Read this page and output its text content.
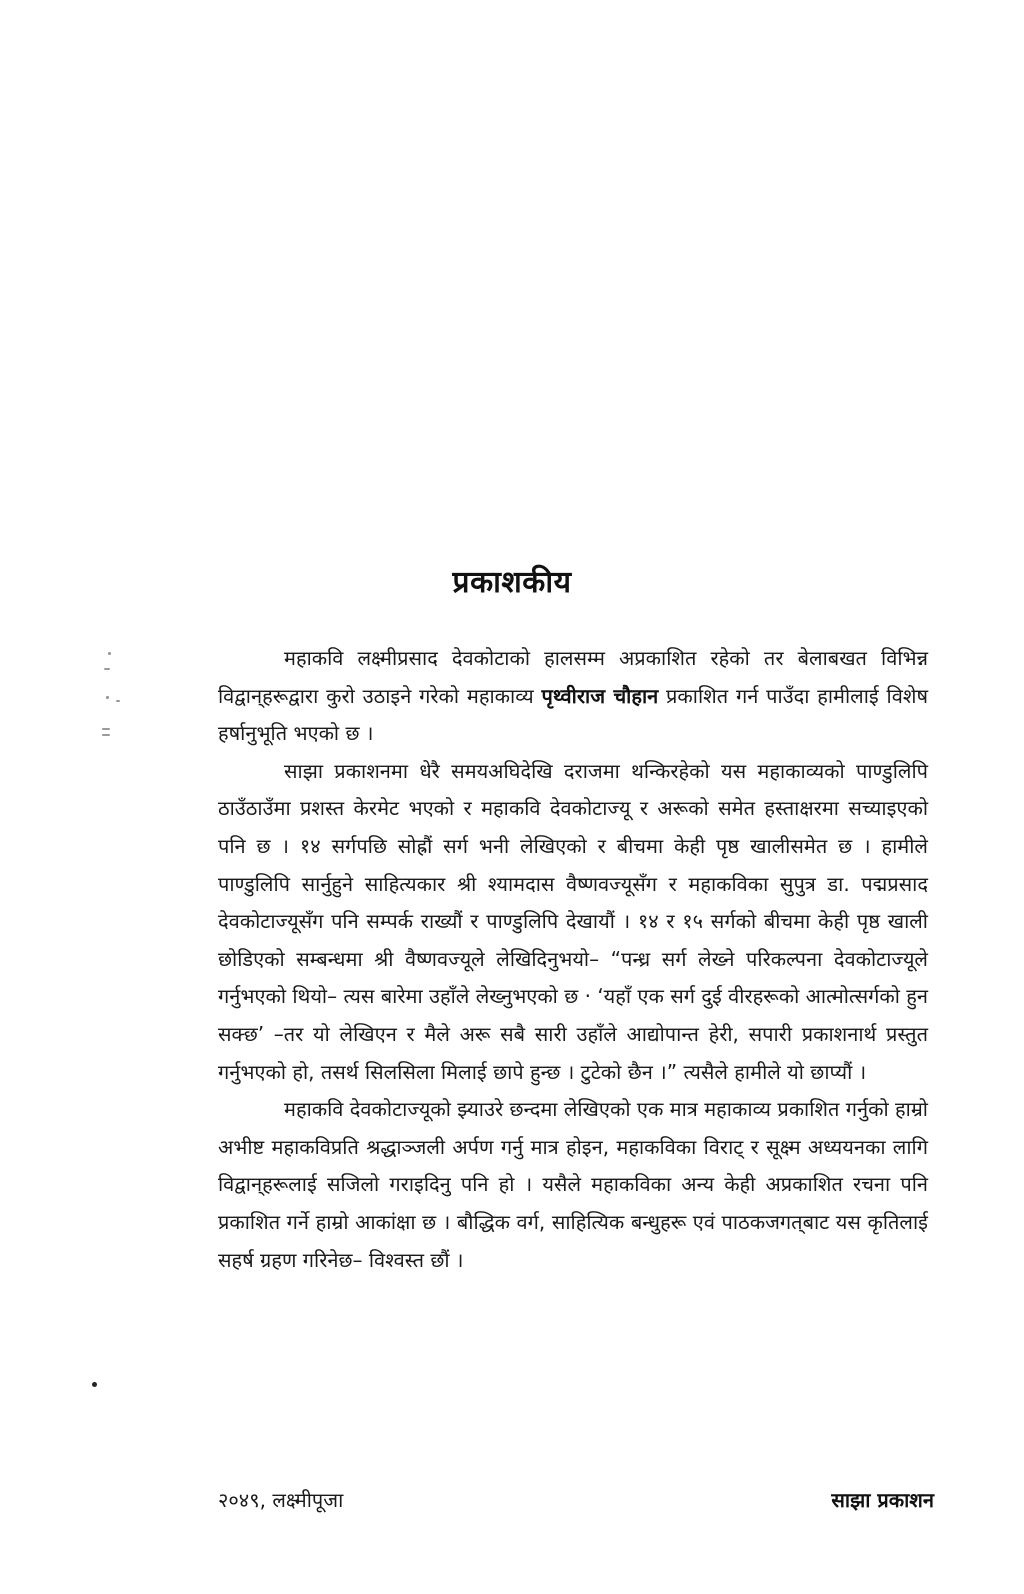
प्रकाशकीय

महाकवि लक्ष्मीप्रसाद देवकोटाको हालसम्म अप्रकाशित रहेको तर बेलाबखत विभिन्न विद्वान्‌हरूद्वारा कुरो उठाइने गरेको महाकाव्य पृथ्वीराज चौहान प्रकाशित गर्न पाउँदा हामीलाई विशेष हर्षानुभूति भएको छ ।

साझा प्रकाशनमा धेरै समयअघिदेखि दराजमा थन्किरहेको यस महाकाव्यको पाण्डुलिपि ठाउँठाउँमा प्रशस्त केरमेट भएको र महाकवि देवकोटाज्यू र अरूको समेत हस्ताक्षरमा सच्याइएको पनि छ । १४ सर्गपछि सोह्रौं सर्ग भनी लेखिएको र बीचमा केही पृष्ठ खालीसमेत छ । हामीले पाण्डुलिपि सार्नुहुने साहित्यकार श्री श्यामदास वैष्णवज्यूसँग र महाकविका सुपुत्र डा. पद्मप्रसाद देवकोटाज्यूसँग पनि सम्पर्क राख्यौं र पाण्डुलिपि देखायौं । १४ र १५ सर्गको बीचमा केही पृष्ठ खाली छोडिएको सम्बन्धमा श्री वैष्णवज्यूले लेखिदिनुभयो– “पन्ध्र सर्ग लेख्ने परिकल्पना देवकोटाज्यूले गर्नुभएको थियो– त्यस बारेमा उहाँले लेख्नुभएको छ · ‘यहाँ एक सर्ग दुई वीरहरूको आत्मोत्सर्गको हुन सक्छ’ –तर यो लेखिएन र मैले अरू सबै सारी उहाँले आद्योपान्त हेरी, सपारी प्रकाशनार्थ प्रस्तुत गर्नुभएको हो, तसर्थ सिलसिला मिलाई छापे हुन्छ । टुटेको छैन ।” त्यसैले हामीले यो छाप्यौं ।

महाकवि देवकोटाज्यूको झ्याउरे छन्दमा लेखिएको एक मात्र महाकाव्य प्रकाशित गर्नुको हाम्रो अभीष्ट महाकविप्रति श्रद्धाञ्जली अर्पण गर्नु मात्र होइन, महाकविका विराट् र सूक्ष्म अध्ययनका लागि विद्वान्‌हरूलाई सजिलो गराइदिनु पनि हो । यसैले महाकविका अन्य केही अप्रकाशित रचना पनि प्रकाशित गर्ने हाम्रो आकांक्षा छ । बौद्धिक वर्ग, साहित्यिक बन्धुहरू एवं पाठकजगत्‌बाट यस कृतिलाई सहर्ष ग्रहण गरिनेछ– विश्वस्त छौं ।

२०४९, लक्ष्मीपूजा	साझा प्रकाशन
